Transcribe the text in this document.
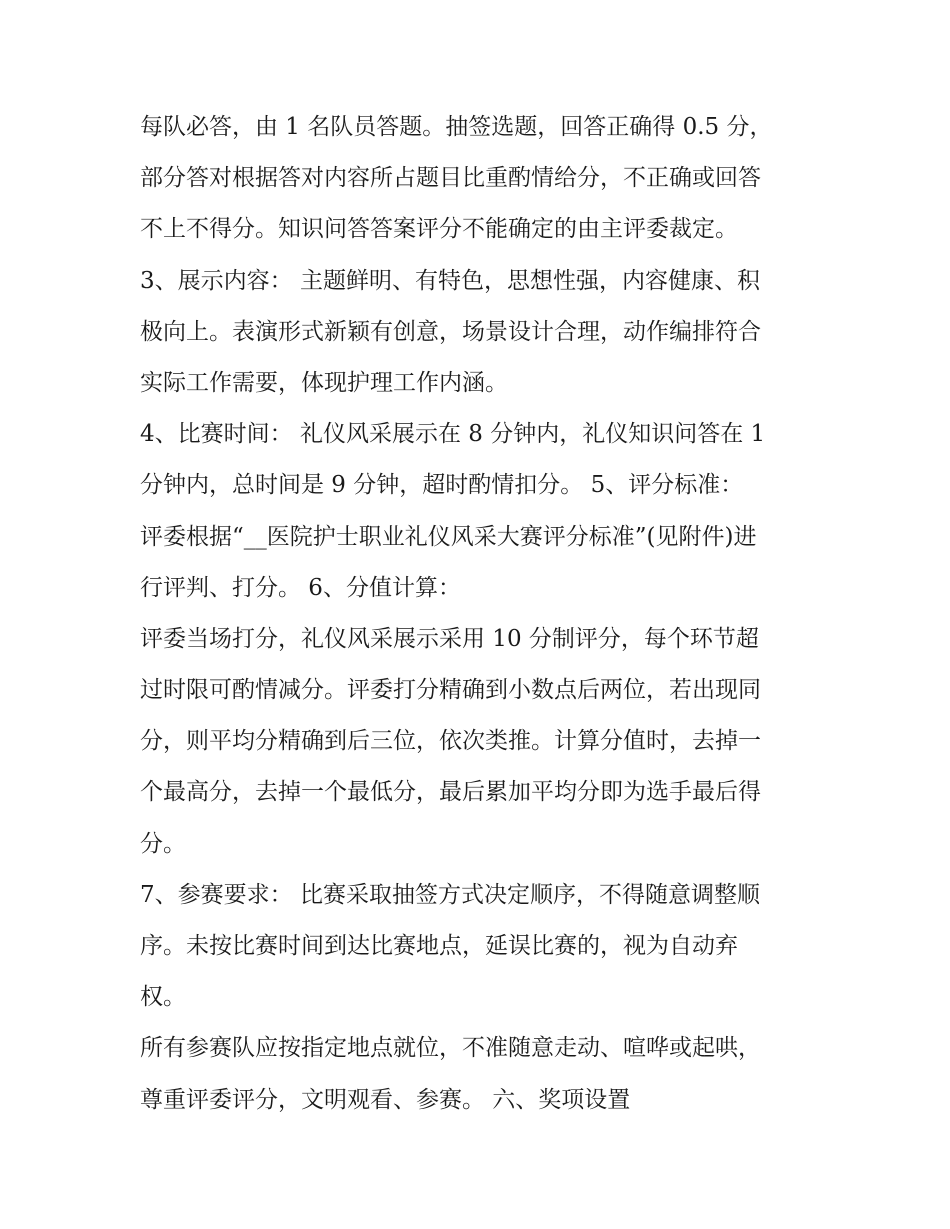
每队必答，由 1 名队员答题。抽签选题，回答正确得 0.5 分，
部分答对根据答对内容所占题目比重酌情给分，不正确或回答
不上不得分。知识问答答案评分不能确定的由主评委裁定。
3、展示内容： 主题鲜明、有特色，思想性强，内容健康、积
极向上。表演形式新颖有创意，场景设计合理，动作编排符合
实际工作需要，体现护理工作内涵。
4、比赛时间： 礼仪风采展示在 8 分钟内，礼仪知识问答在 1
分钟内，总时间是 9 分钟，超时酌情扣分。 5、评分标准：
评委根据“__医院护士职业礼仪风采大赛评分标准”(见附件)进
行评判、打分。 6、分值计算：
评委当场打分，礼仪风采展示采用 10 分制评分，每个环节超
过时限可酌情减分。评委打分精确到小数点后两位，若出现同
分，则平均分精确到后三位，依次类推。计算分值时，去掉一
个最高分，去掉一个最低分，最后累加平均分即为选手最后得
分。
7、参赛要求： 比赛采取抽签方式决定顺序，不得随意调整顺
序。未按比赛时间到达比赛地点，延误比赛的，视为自动弃
权。
所有参赛队应按指定地点就位，不准随意走动、喧哗或起哄，
尊重评委评分，文明观看、参赛。 六、奖项设置
